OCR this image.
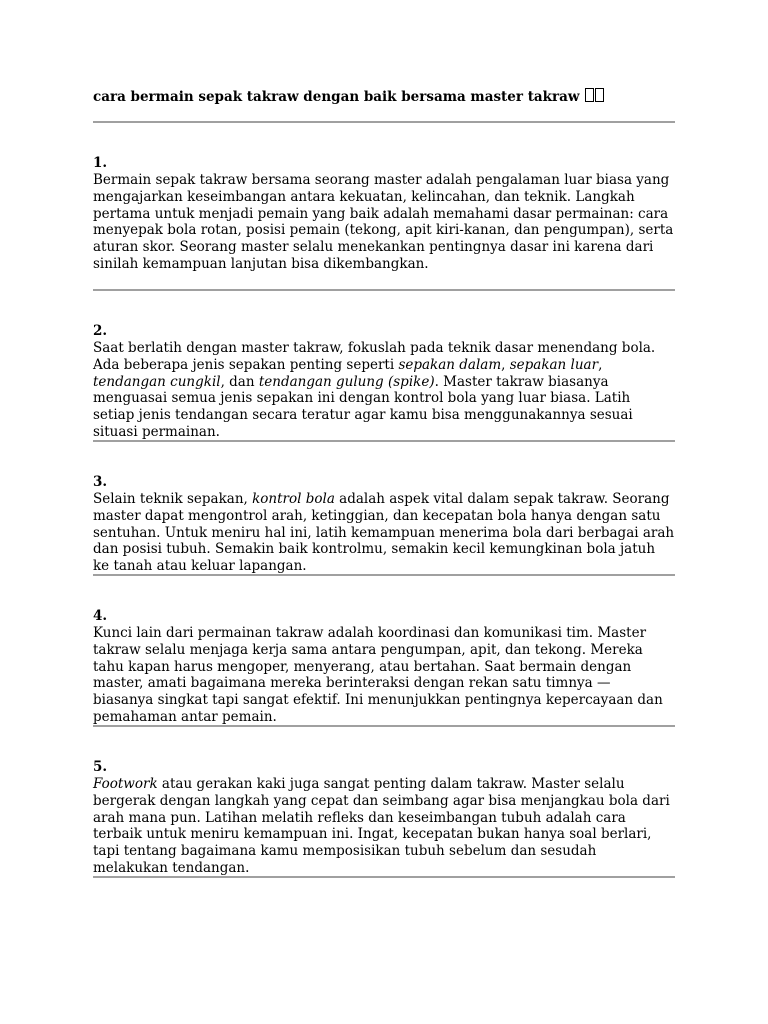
cara bermain sepak takraw dengan baik bersama master takraw

1.

Bermain sepak takraw bersama seorang master adalah pengalaman luar biasa yang mengajarkan keseimbangan antara kekuatan, kelincahan, dan teknik. Langkah pertama untuk menjadi pemain yang baik adalah memahami dasar permainan: cara menyepak bola rotan, posisi pemain (tekong, apit kiri-kanan, dan pengumpan), serta aturan skor. Seorang master selalu menekankan pentingnya dasar ini karena dari sinilah kemampuan lanjutan bisa dikembangkan.

2.

Saat berlatih dengan master takraw, fokuslah pada teknik dasar menendang bola. Ada beberapa jenis sepakan penting seperti sepakan dalam, sepakan luar, tendangan cungkil, dan tendangan gulung (spike). Master takraw biasanya menguasai semua jenis sepakan ini dengan kontrol bola yang luar biasa. Latih setiap jenis tendangan secara teratur agar kamu bisa menggunakannya sesuai situasi permainan.

3.

Selain teknik sepakan, kontrol bola adalah aspek vital dalam sepak takraw. Seorang master dapat mengontrol arah, ketinggian, dan kecepatan bola hanya dengan satu sentuhan. Untuk meniru hal ini, latih kemampuan menerima bola dari berbagai arah dan posisi tubuh. Semakin baik kontrolmu, semakin kecil kemungkinan bola jatuh ke tanah atau keluar lapangan.

4.

Kunci lain dari permainan takraw adalah koordinasi dan komunikasi tim. Master takraw selalu menjaga kerja sama antara pengumpan, apit, dan tekong. Mereka tahu kapan harus mengoper, menyerang, atau bertahan. Saat bermain dengan master, amati bagaimana mereka berinteraksi dengan rekan satu timnya — biasanya singkat tapi sangat efektif. Ini menunjukkan pentingnya kepercayaan dan pemahaman antar pemain.

5.

Footwork atau gerakan kaki juga sangat penting dalam takraw. Master selalu bergerak dengan langkah yang cepat dan seimbang agar bisa menjangkau bola dari arah mana pun. Latihan melatih refleks dan keseimbangan tubuh adalah cara terbaik untuk meniru kemampuan ini. Ingat, kecepatan bukan hanya soal berlari, tapi tentang bagaimana kamu memposisikan tubuh sebelum dan sesudah melakukan tendangan.
